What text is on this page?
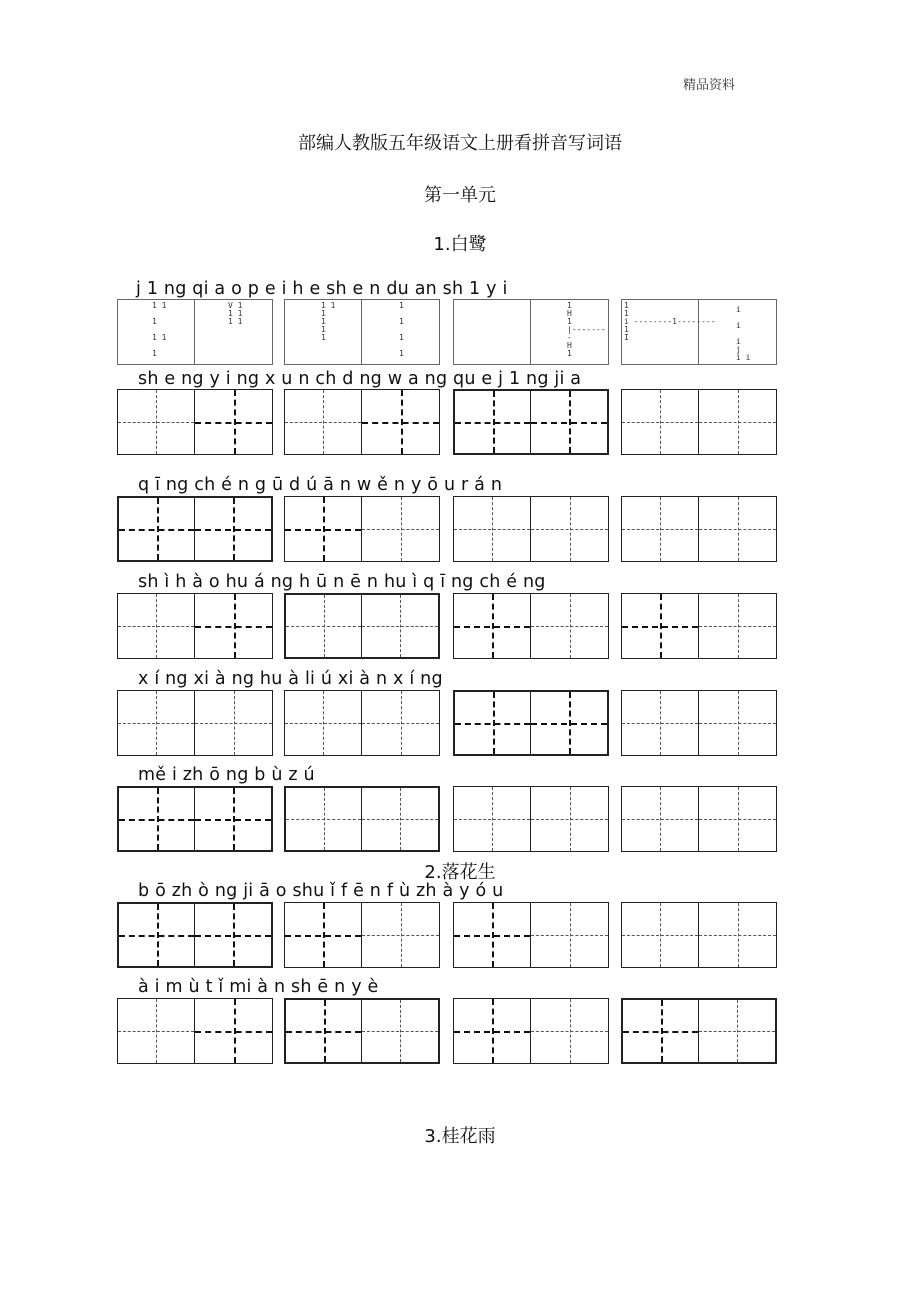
精品资料
部编人教版五年级语文上册看拼音写词语
第一单元
1.白鹭
j 1 ng qi a o p e i h e sh e n du an sh 1 y i
1 1

1

1 1

1
V 1
1 1
1 1
1 1
1
1
1
1
1

1

1

1
1
H
1
|--------
H
1
1
1
i --------1--------
1
I
i

i

i
j
i i
sh e ng y i ng x u n ch d ng w a ng qu e j 1 ng ji a
q ī ng ch é n g ū d ú ā n w ě n y ō u r á n
sh ì h à o hu á ng h ū n ē n hu ì q ī ng ch é ng
x í ng xi à ng hu à li ú xi à n x í ng
mě i zh ō ng b ù z ú
2.落花生
b ō zh ò ng ji ā o shu ǐ f ē n f ù zh à y ó u
à i m ù t ǐ mi à n sh ē n y è
3.桂花雨
